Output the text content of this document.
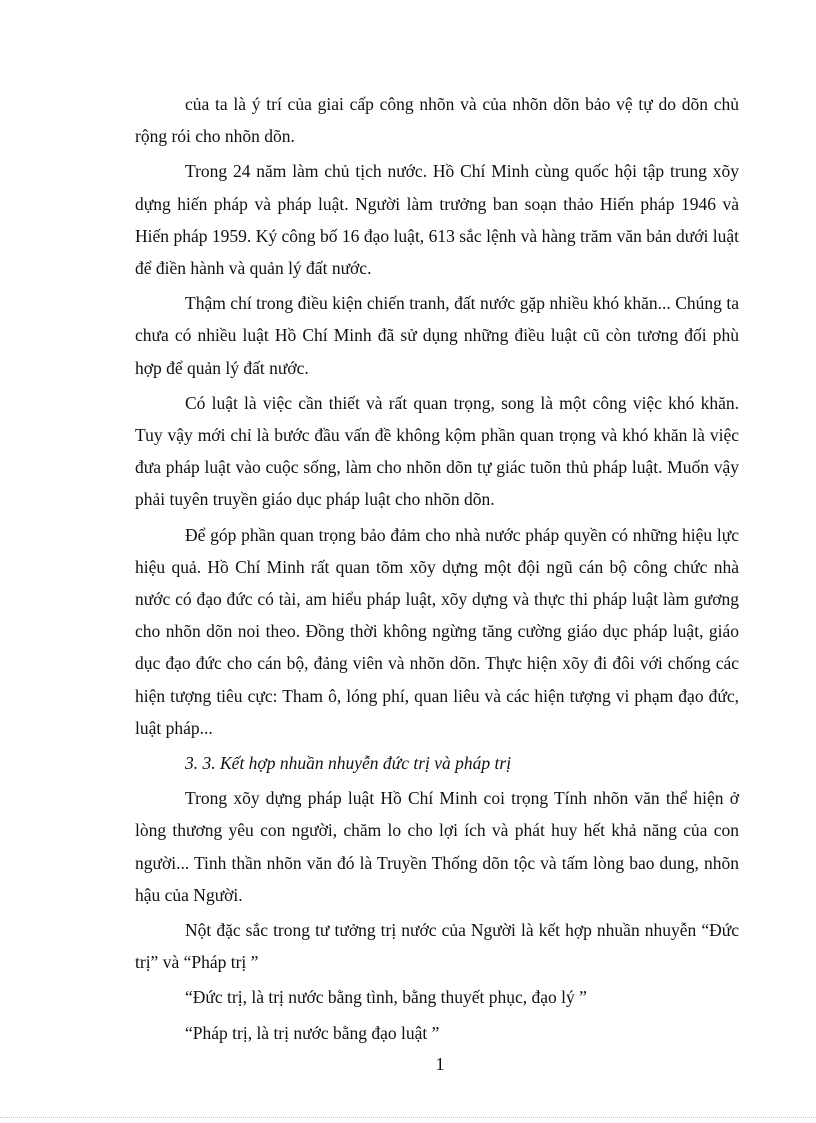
của ta là ý trí của giai cấp công nhõn và của nhõn dõn bảo vệ tự do dõn chủ rộng rói cho nhõn dõn.

Trong 24 năm làm chủ tịch nước. Hồ Chí Minh cùng quốc hội tập trung xõy dựng hiến pháp và pháp luật. Người làm trưởng ban soạn thảo Hiến pháp 1946 và Hiến pháp 1959. Ký công bố 16 đạo luật, 613 sắc lệnh và hàng trăm văn bản dưới luật để điền hành và quản lý đất nước.

Thậm chí trong điều kiện chiến tranh, đất nước gặp nhiều khó khăn... Chúng ta chưa có nhiều luật Hồ Chí Minh đã sử dụng những điều luật cũ còn tương đối phù hợp để quản lý đất nước.

Có luật là việc cần thiết và rất quan trọng, song là một công việc khó khăn. Tuy vậy mới chỉ là bước đầu vấn đề không kộm phần quan trọng và khó khăn là việc đưa pháp luật vào cuộc sống, làm cho nhõn dõn tự giác tuõn thủ pháp luật. Muốn vậy phải tuyên truyền giáo dục pháp luật cho nhõn dõn.

Để góp phần quan trọng bảo đảm cho nhà nước pháp quyền có những hiệu lực hiệu quả. Hồ Chí Minh rất quan tõm xõy dựng một đội ngũ cán bộ công chức nhà nước có đạo đức có tài, am hiểu pháp luật, xõy dựng và thực thi pháp luật làm gương cho nhõn dõn noi theo. Đồng thời không ngừng tăng cường giáo dục pháp luật, giáo dục đạo đức cho cán bộ, đảng viên và nhõn dõn. Thực hiện xõy đi đôi với chống các hiện tượng tiêu cực: Tham ô, lóng phí, quan liêu và các hiện tượng vi phạm đạo đức, luật pháp...

3. 3. Kết hợp nhuần nhuyễn đức trị và pháp trị

Trong xõy dựng pháp luật Hồ Chí Minh coi trọng Tính nhõn văn thể hiện ở lòng thương yêu con người, chăm lo cho lợi ích và phát huy hết khả năng của con người... Tinh thần nhõn văn đó là Truyền Thống dõn tộc và tấm lòng bao dung, nhõn hậu của Người.

Nột đặc sắc trong tư tưởng trị nước của Người là kết hợp nhuần nhuyễn “Đức trị” và “Pháp trị ”

“Đức trị, là trị nước bằng tình, bằng thuyết phục, đạo lý ”

“Pháp trị, là trị nước bằng đạo luật ”

1
